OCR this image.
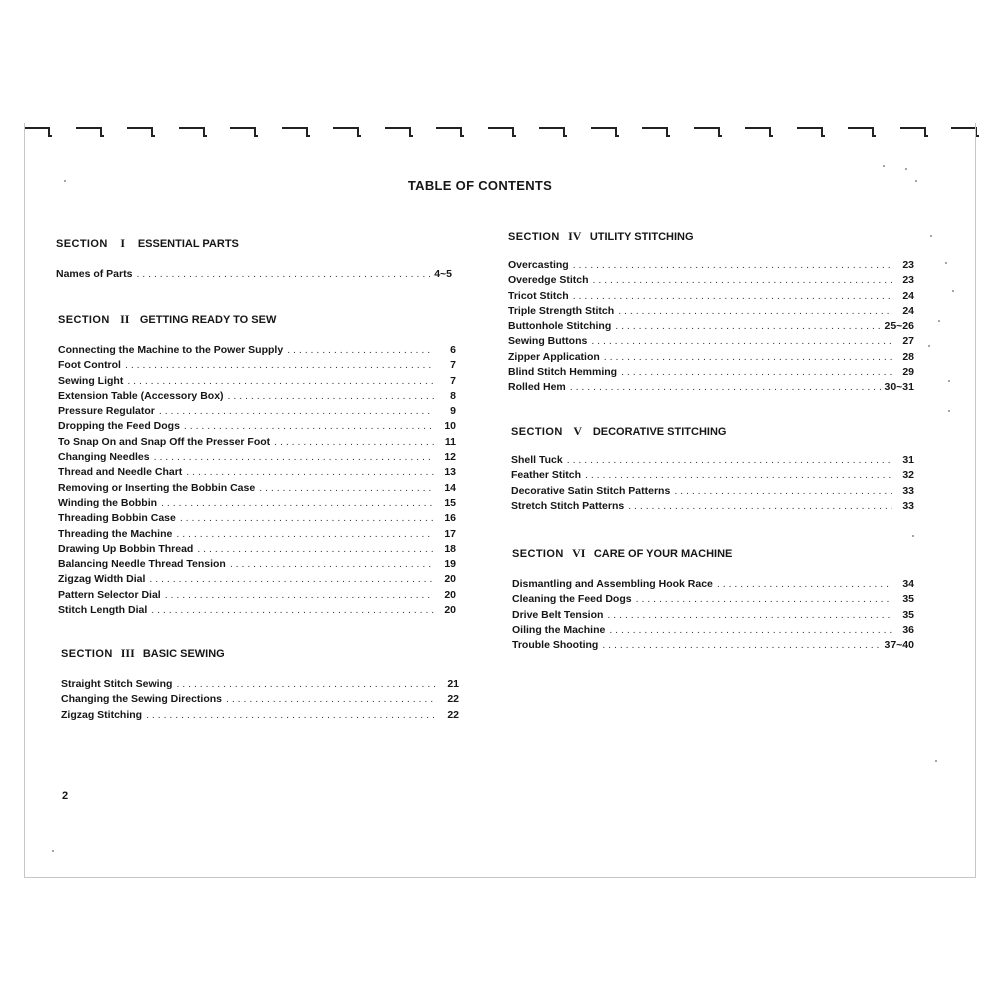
TABLE OF CONTENTS
SECTION I ESSENTIAL PARTS
Names of Parts . . .	4~5
SECTION II GETTING READY TO SEW
Connecting the Machine to the Power Supply . . .	6
Foot Control . . .	7
Sewing Light . . .	7
Extension Table (Accessory Box) . . .	8
Pressure Regulator . . .	9
Dropping the Feed Dogs . . .	10
To Snap On and Snap Off the Presser Foot . . .	11
Changing Needles . . .	12
Thread and Needle Chart . . .	13
Removing or Inserting the Bobbin Case . . .	14
Winding the Bobbin . . .	15
Threading Bobbin Case . . .	16
Threading the Machine . . .	17
Drawing Up Bobbin Thread . . .	18
Balancing Needle Thread Tension . . .	19
Zigzag Width Dial . . .	20
Pattern Selector Dial . . .	20
Stitch Length Dial . . .	20
SECTION III BASIC SEWING
Straight Stitch Sewing . . .	21
Changing the Sewing Directions . . .	22
Zigzag Stitching . . .	22
SECTION IV UTILITY STITCHING
Overcasting . . .	23
Overedge Stitch . . .	23
Tricot Stitch . . .	24
Triple Strength Stitch . . .	24
Buttonhole Stitching . . .	25~26
Sewing Buttons . . .	27
Zipper Application . . .	28
Blind Stitch Hemming . . .	29
Rolled Hem . . .	30~31
SECTION V DECORATIVE STITCHING
Shell Tuck . . .	31
Feather Stitch . . .	32
Decorative Satin Stitch Patterns . . .	33
Stretch Stitch Patterns . . .	33
SECTION VI CARE OF YOUR MACHINE
Dismantling and Assembling Hook Race . . .	34
Cleaning the Feed Dogs . . .	35
Drive Belt Tension . . .	35
Oiling the Machine . . .	36
Trouble Shooting . . .	37~40
2
